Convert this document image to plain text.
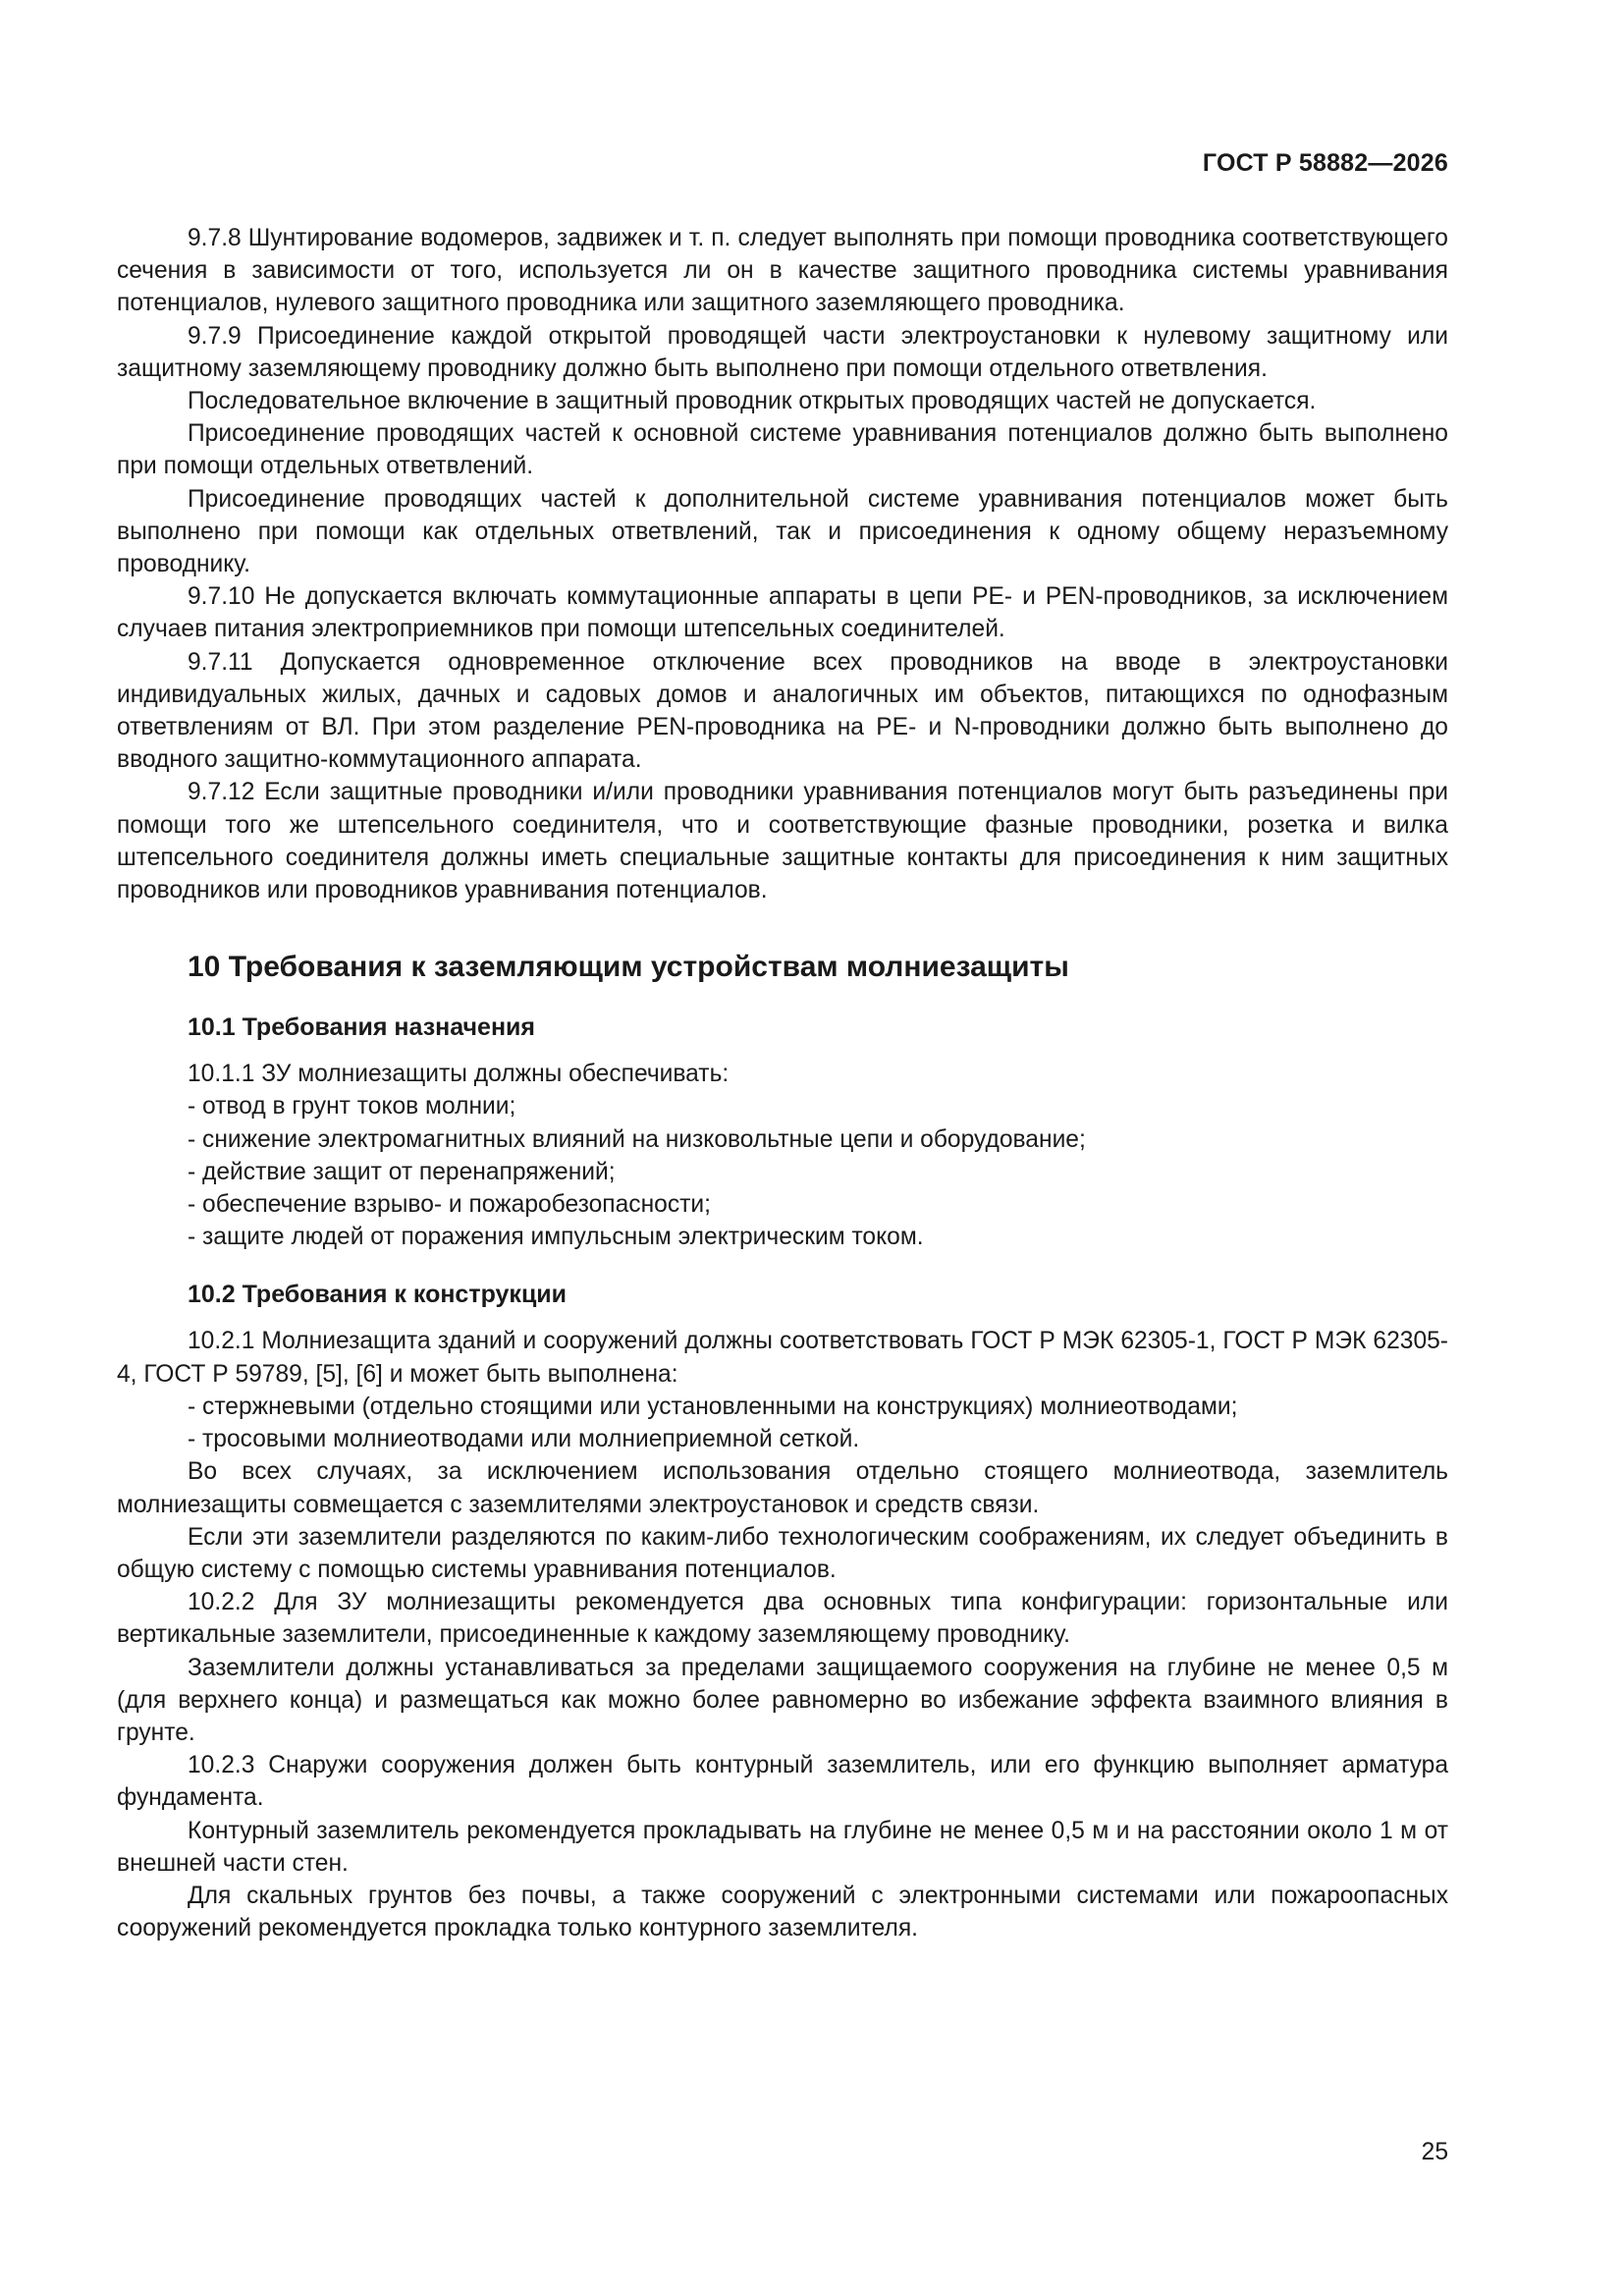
ГОСТ Р 58882—2026

9.7.8 Шунтирование водомеров, задвижек и т. п. следует выполнять при помощи проводника соответствующего сечения в зависимости от того, используется ли он в качестве защитного проводника системы уравнивания потенциалов, нулевого защитного проводника или защитного заземляющего проводника.

9.7.9 Присоединение каждой открытой проводящей части электроустановки к нулевому защитному или защитному заземляющему проводнику должно быть выполнено при помощи отдельного ответвления.

Последовательное включение в защитный проводник открытых проводящих частей не допускается.

Присоединение проводящих частей к основной системе уравнивания потенциалов должно быть выполнено при помощи отдельных ответвлений.

Присоединение проводящих частей к дополнительной системе уравнивания потенциалов может быть выполнено при помощи как отдельных ответвлений, так и присоединения к одному общему неразъемному проводнику.

9.7.10 Не допускается включать коммутационные аппараты в цепи РЕ- и PEN-проводников, за исключением случаев питания электроприемников при помощи штепсельных соединителей.

9.7.11 Допускается одновременное отключение всех проводников на вводе в электроустановки индивидуальных жилых, дачных и садовых домов и аналогичных им объектов, питающихся по однофазным ответвлениям от ВЛ. При этом разделение PEN-проводника на РЕ- и N-проводники должно быть выполнено до вводного защитно-коммутационного аппарата.

9.7.12 Если защитные проводники и/или проводники уравнивания потенциалов могут быть разъединены при помощи того же штепсельного соединителя, что и соответствующие фазные проводники, розетка и вилка штепсельного соединителя должны иметь специальные защитные контакты для присоединения к ним защитных проводников или проводников уравнивания потенциалов.

10 Требования к заземляющим устройствам молниезащиты
10.1 Требования назначения

10.1.1 ЗУ молниезащиты должны обеспечивать:

- отвод в грунт токов молнии;

- снижение электромагнитных влияний на низковольтные цепи и оборудование;

- действие защит от перенапряжений;

- обеспечение взрыво- и пожаробезопасности;

- защите людей от поражения импульсным электрическим током.

10.2 Требования к конструкции

10.2.1 Молниезащита зданий и сооружений должны соответствовать ГОСТ Р МЭК 62305-1, ГОСТ Р МЭК 62305-4, ГОСТ Р 59789, [5], [6] и может быть выполнена:

- стержневыми (отдельно стоящими или установленными на конструкциях) молниеотводами;

- тросовыми молниеотводами или молниеприемной сеткой.

Во всех случаях, за исключением использования отдельно стоящего молниеотвода, заземлитель молниезащиты совмещается с заземлителями электроустановок и средств связи.

Если эти заземлители разделяются по каким-либо технологическим соображениям, их следует объединить в общую систему с помощью системы уравнивания потенциалов.

10.2.2 Для ЗУ молниезащиты рекомендуется два основных типа конфигурации: горизонтальные или вертикальные заземлители, присоединенные к каждому заземляющему проводнику.

Заземлители должны устанавливаться за пределами защищаемого сооружения на глубине не менее 0,5 м (для верхнего конца) и размещаться как можно более равномерно во избежание эффекта взаимного влияния в грунте.

10.2.3 Снаружи сооружения должен быть контурный заземлитель, или его функцию выполняет арматура фундамента.

Контурный заземлитель рекомендуется прокладывать на глубине не менее 0,5 м и на расстоянии около 1 м от внешней части стен.

Для скальных грунтов без почвы, а также сооружений с электронными системами или пожароопасных сооружений рекомендуется прокладка только контурного заземлителя.

25
